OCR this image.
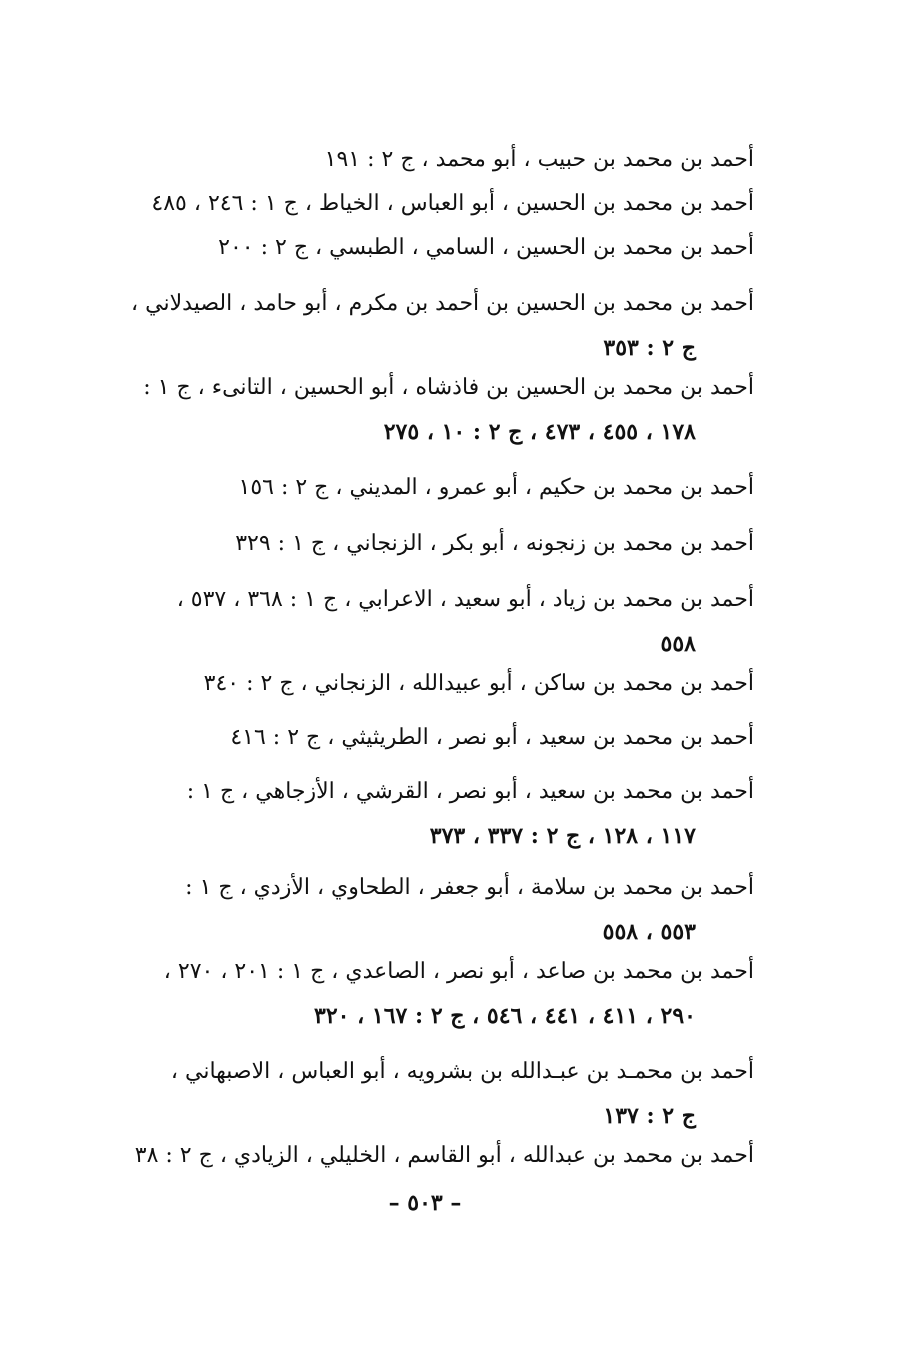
أحمد بن محمد بن حبيب ، أبو محمد ، ج ٢ : ١٩١
أحمد بن محمد بن الحسين ، أبو العباس ، الخياط ، ج ١ : ٢٤٦ ، ٤٨٥
أحمد بن محمد بن الحسين ، السامي ، الطبسي ، ج ٢ : ٢٠٠
أحمد بن محمد بن الحسين بن أحمد بن مكرم ، أبو حامد ، الصيدلاني ،
ج ٢ : ٣٥٣
أحمد بن محمد بن الحسين بن فاذشاه ، أبو الحسين ، التانىء ، ج ١ :
١٧٨ ، ٤٥٥ ، ٤٧٣ ، ج ٢ : ١٠ ، ٢٧٥
أحمد بن محمد بن حكيم ، أبو عمرو ، المديني ، ج ٢ : ١٥٦
أحمد بن محمد بن زنجونه ، أبو بكر ، الزنجاني ، ج ١ : ٣٢٩
أحمد بن محمد بن زياد ، أبو سعيد ، الاعرابي ، ج ١ : ٣٦٨ ، ٥٣٧ ،
٥٥٨
أحمد بن محمد بن ساكن ، أبو عبيدالله ، الزنجاني ، ج ٢ : ٣٤٠
أحمد بن محمد بن سعيد ، أبو نصر ، الطريثيثي ، ج ٢ : ٤١٦
أحمد بن محمد بن سعيد ، أبو نصر ، القرشي ، الأزجاهي ، ج ١ :
١١٧ ، ١٢٨ ، ج ٢ : ٣٣٧ ، ٣٧٣
أحمد بن محمد بن سلامة ، أبو جعفر ، الطحاوي ، الأزدي ، ج ١ :
٥٥٣ ، ٥٥٨
أحمد بن محمد بن صاعد ، أبو نصر ، الصاعدي ، ج ١ : ٢٠١ ، ٢٧٠ ،
٢٩٠ ، ٤١١ ، ٤٤١ ، ٥٤٦ ، ج ٢ : ١٦٧ ، ٣٢٠
أحمد بن محمـد بن عبـدالله بن بشرويه ، أبو العباس ، الاصبهاني ،
ج ٢ : ١٣٧
أحمد بن محمد بن عبدالله ، أبو القاسم ، الخليلي ، الزيادي ، ج ٢ : ٣٨
– ٥٠٣ –
